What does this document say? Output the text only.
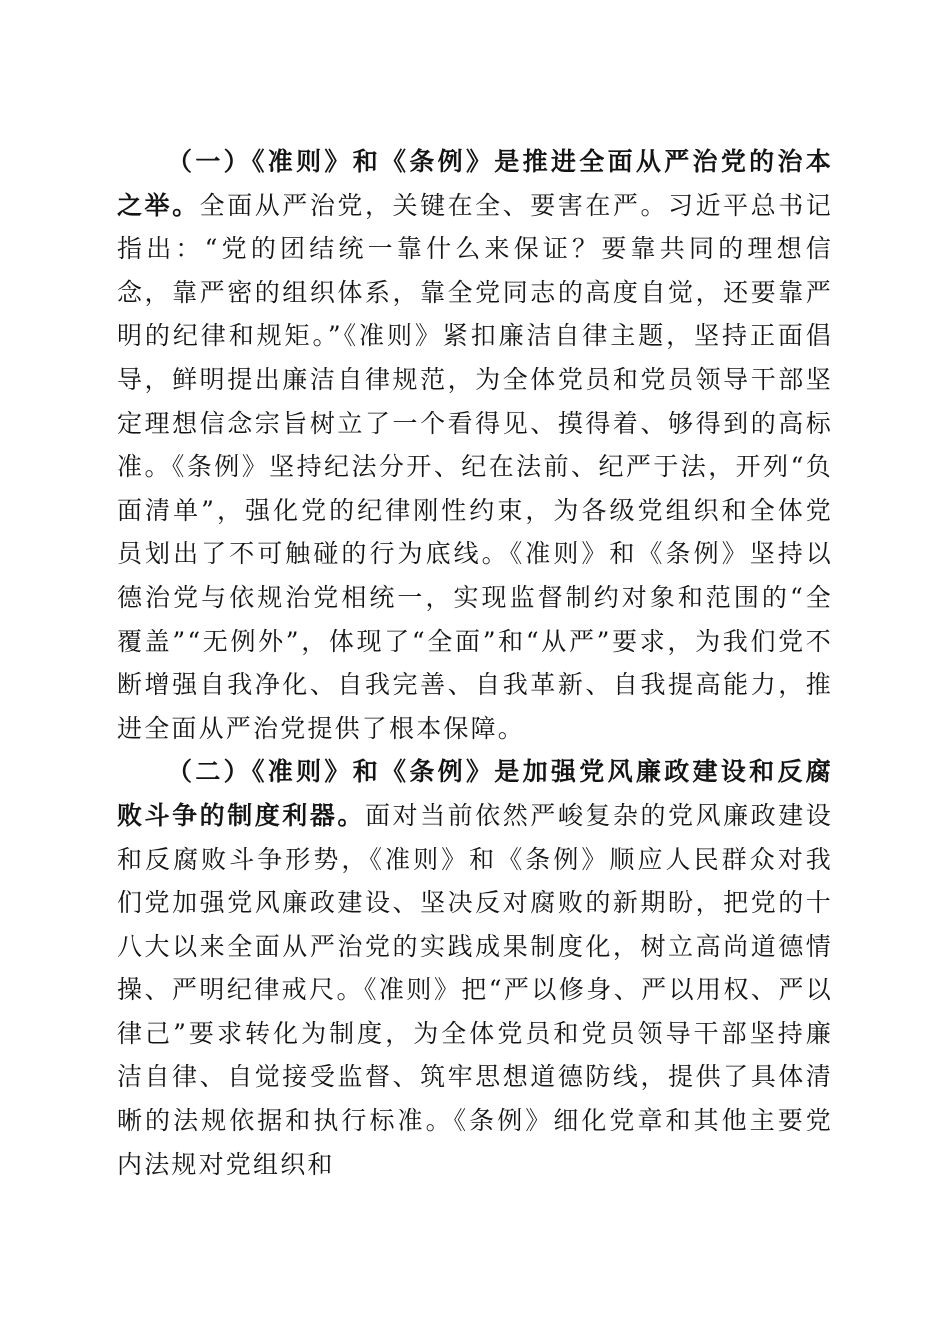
（一）《准则》和《条例》是推进全面从严治党的治本之举。全面从严治党，关键在全、要害在严。习近平总书记指出：“党的团结统一靠什么来保证？要靠共同的理想信念，靠严密的组织体系，靠全党同志的高度自觉，还要靠严明的纪律和规矩。”《准则》紧扣廉洁自律主题，坚持正面倡导，鲜明提出廉洁自律规范，为全体党员和党员领导干部坚定理想信念宗旨树立了一个看得见、摸得着、够得到的高标准。《条例》坚持纪法分开、纪在法前、纪严于法，开列“负面清单”，强化党的纪律刚性约束，为各级党组织和全体党员划出了不可触碰的行为底线。《准则》和《条例》坚持以德治党与依规治党相统一，实现监督制约对象和范围的“全覆盖”“无例外”，体现了“全面”和“从严”要求，为我们党不断增强自我净化、自我完善、自我革新、自我提高能力，推进全面从严治党提供了根本保障。

（二）《准则》和《条例》是加强党风廉政建设和反腐败斗争的制度利器。面对当前依然严峻复杂的党风廉政建设和反腐败斗争形势，《准则》和《条例》顺应人民群众对我们党加强党风廉政建设、坚决反对腐败的新期盼，把党的十八大以来全面从严治党的实践成果制度化，树立高尚道德情操、严明纪律戒尺。《准则》把“严以修身、严以用权、严以律己”要求转化为制度，为全体党员和党员领导干部坚持廉洁自律、自觉接受监督、筑牢思想道德防线，提供了具体清晰的法规依据和执行标准。《条例》细化党章和其他主要党内法规对党组织和
